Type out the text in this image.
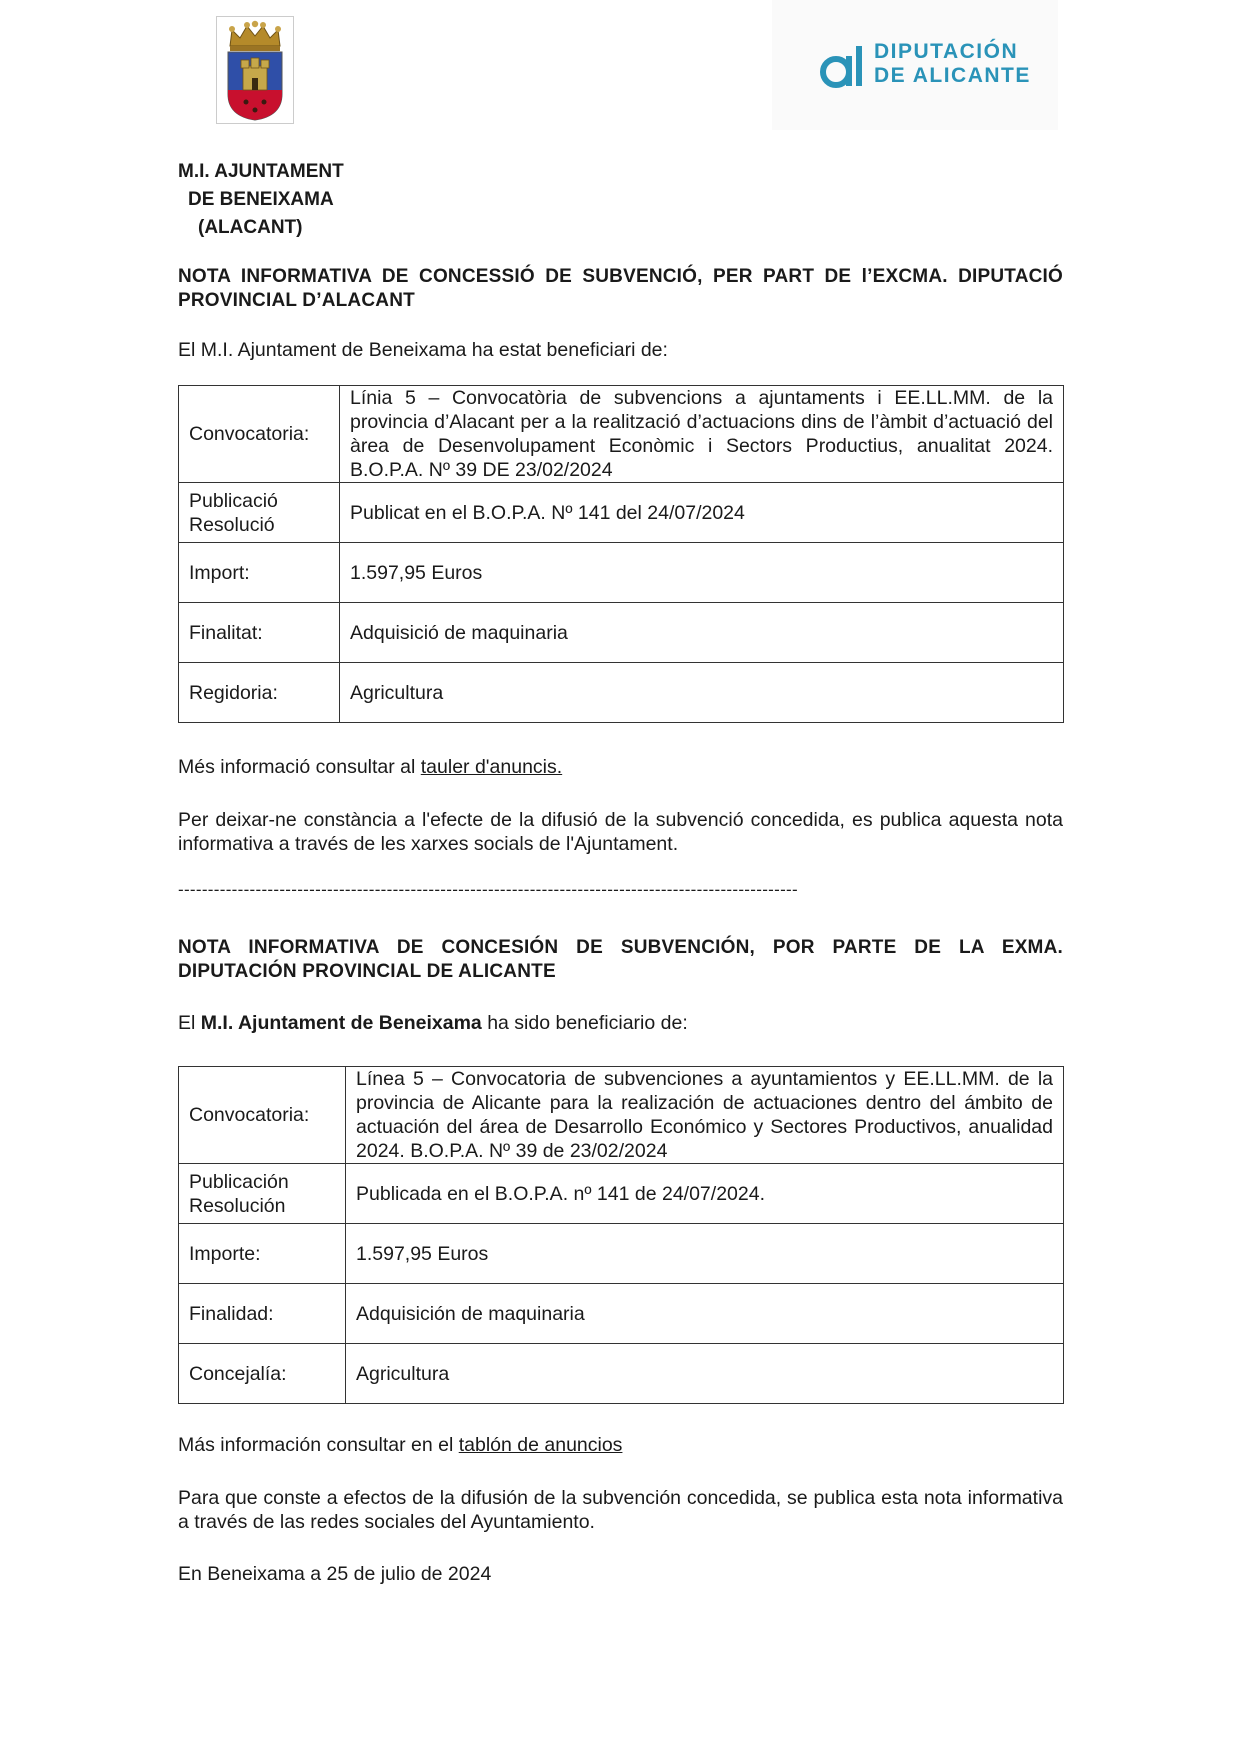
DIPUTACIÓN
DE ALICANTE
M.I. AJUNTAMENT
DE BENEIXAMA
(ALACANT)
NOTA INFORMATIVA DE CONCESSIÓ DE SUBVENCIÓ, PER PART DE l’EXCMA. DIPUTACIÓ PROVINCIAL D’ALACANT
El M.I. Ajuntament de Beneixama ha estat beneficiari de:
Convocatoria:	Línia 5 – Convocatòria de subvencions a ajuntaments i EE.LL.MM. de la provincia d’Alacant per a la realització d’actuacions dins de l’àmbit d’actuació del àrea de Desenvolupament Econòmic i Sectors Productius, anualitat 2024. B.O.P.A. Nº 39 DE 23/02/2024
Publicació Resolució	Publicat en el B.O.P.A. Nº 141 del 24/07/2024
Import:	1.597,95 Euros
Finalitat:	Adquisició de maquinaria
Regidoria:	Agricultura
Més informació consultar al tauler d'anuncis.
Per deixar-ne constància a l'efecte de la difusió de la subvenció concedida, es publica aquesta nota informativa a través de les xarxes socials de l'Ajuntament.
--------------------------------------------------------------------------------------------------------
NOTA INFORMATIVA DE CONCESIÓN DE SUBVENCIÓN, POR PARTE DE LA EXMA. DIPUTACIÓN PROVINCIAL DE ALICANTE
El M.I. Ajuntament de Beneixama ha sido beneficiario de:
Convocatoria:	Línea 5 – Convocatoria de subvenciones a ayuntamientos y EE.LL.MM. de la provincia de Alicante para la realización de actuaciones dentro del ámbito de actuación del área de Desarrollo Económico y Sectores Productivos, anualidad 2024. B.O.P.A. Nº 39 de 23/02/2024
Publicación Resolución	Publicada en el B.O.P.A. nº 141 de 24/07/2024.
Importe:	1.597,95 Euros
Finalidad:	Adquisición de maquinaria
Concejalía:	Agricultura
Más información consultar en el tablón de anuncios
Para que conste a efectos de la difusión de la subvención concedida, se publica esta nota informativa a través de las redes sociales del Ayuntamiento.
En Beneixama a 25 de julio de 2024
